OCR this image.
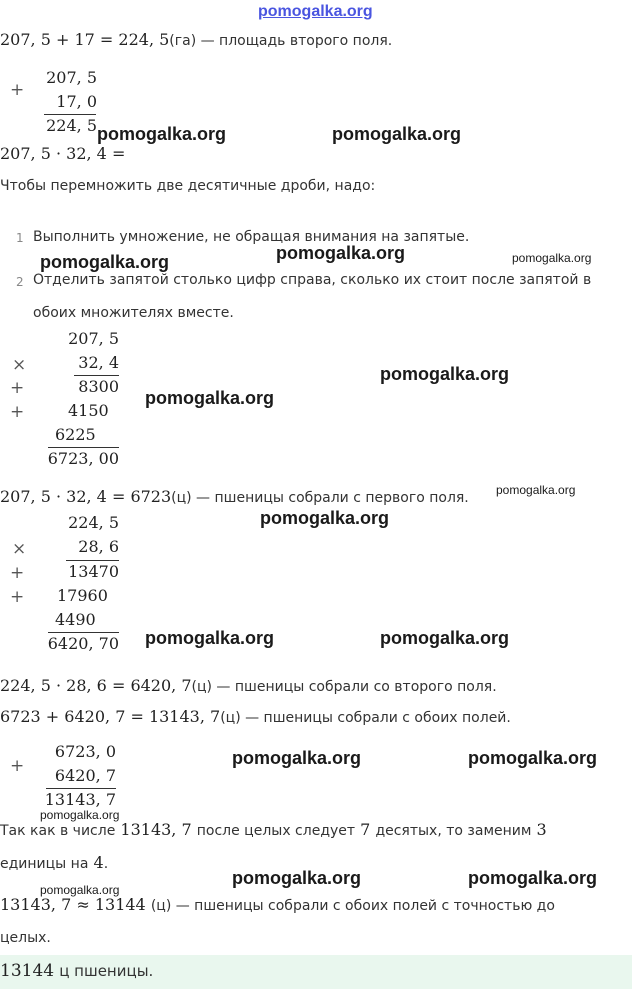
pomogalka.org
207, 5 + 17 = 224, 5(га) — площадь второго поля.
+
207, 5
17, 0
224, 5 pomogalka.org	pomogalka.org
207, 5 · 32, 4 =
Чтобы перемножить две десятичные дроби, надо:
1 Выполнить умножение, не обращая внимания на запятые.
pomogalka.org	pomogalka.org	pomogalka.org
2 Отделить запятой столько цифр справа, сколько их стоит после запятой в
обоих множителях вместе.
207, 5
×	32, 4
+	8300
+	4150
6225
6723, 00
pomogalka.org
pomogalka.org
207, 5 · 32, 4 = 6723(ц) — пшеницы собрали с первого поля. pomogalka.org
224, 5	pomogalka.org
×	28, 6
+	13470
+ 17960
4490
6420, 70 pomogalka.org	pomogalka.org
224, 5 · 28, 6 = 6420, 7(ц) — пшеницы собрали со второго поля.
6723 + 6420, 7 = 13143, 7(ц) — пшеницы собрали с обоих полей.
+
6723, 0
6420, 7
13143, 7
pomogalka.org	pomogalka.org
pomogalka.org
Так как в числе 13143, 7 после целых следует 7 десятых, то заменим 3
единицы на 4.
pomogalka.org	pomogalka.org
pomogalka.org
13143, 7 ≈ 13144 (ц) — пшеницы собрали с обоих полей с точностью до
целых.
13144 ц пшеницы.
